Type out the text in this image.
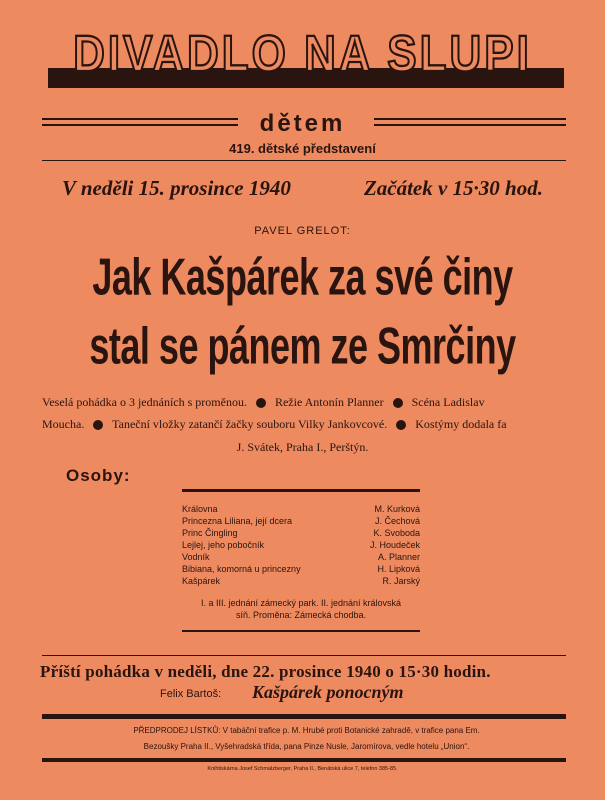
DIVADLO NA SLUPI
dětem
419. dětské představení
V neděli 15. prosince 1940	Začátek v 15·30 hod.
PAVEL GRELOT:
Jak Kašpárek za své činy
stal se pánem ze Smrčiny
Veselá pohádka o 3 jednáních s proměnou. Režie Antonín Planner Scéna Ladislav
Moucha. Taneční vložky zatančí žačky souboru Vilky Jankovcové. Kostýmy dodala fa
J. Svátek, Praha I., Perštýn.
Osoby:
Královna	M. Kurková
Princezna Liliana, její dcera	J. Čechová
Princ Čingling	K. Svoboda
Lejlej, jeho pobočník	J. Houdeček
Vodník	A. Planner
Bibiana, komorná u princezny	H. Lipková
Kašpárek	R. Jarský
I. a III. jednání zámecký park. II. jednání královská
síň. Proměna: Zámecká chodba.
Příští pohádka v neděli, dne 22. prosince 1940 o 15·30 hodin.
Felix Bartoš: Kašpárek ponocným
PŘEDPRODEJ LÍSTKŮ: V tabáční trafice p. M. Hrubé proti Botanické zahradě, v trafice pana Em.
Bezoušky Praha II., Vyšehradská třída, pana Pinze Nusle, Jaromírova, vedle hotelu „Union“.
Knihtiskárna Josef Schmalzberger, Praha II., Benátská ulice 7, telefon 385-85.
